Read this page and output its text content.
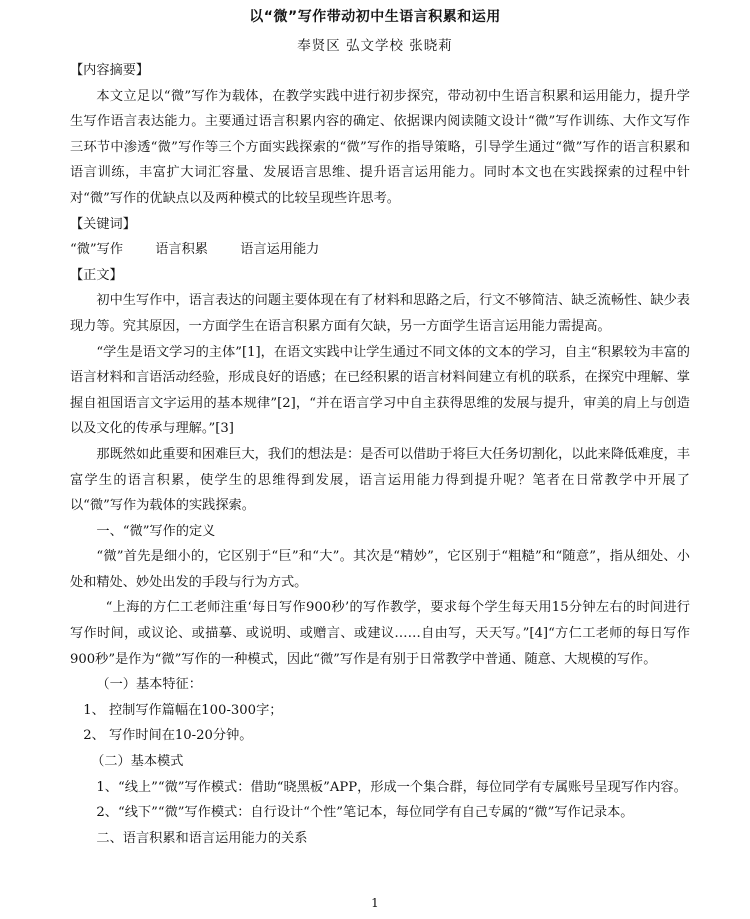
以“微”写作带动初中生语言积累和运用
奉贤区 弘文学校 张晓莉

【内容摘要】

本文立足以“微”写作为载体，在教学实践中进行初步探究，带动初中生语言积累和运用能力，提升学生写作语言表达能力。主要通过语言积累内容的确定、依据课内阅读随文设计“微”写作训练、大作文写作三环节中渗透“微”写作等三个方面实践探索的“微”写作的指导策略，引导学生通过“微”写作的语言积累和语言训练，丰富扩大词汇容量、发展语言思维、提升语言运用能力。同时本文也在实践探索的过程中针对“微”写作的优缺点以及两种模式的比较呈现些许思考。

【关键词】

“微”写作 语言积累 语言运用能力

【正文】

初中生写作中，语言表达的问题主要体现在有了材料和思路之后，行文不够简洁、缺乏流畅性、缺少表现力等。究其原因，一方面学生在语言积累方面有欠缺，另一方面学生语言运用能力需提高。

“学生是语文学习的主体”[1]，在语文实践中让学生通过不同文体的文本的学习，自主“积累较为丰富的语言材料和言语活动经验，形成良好的语感；在已经积累的语言材料间建立有机的联系，在探究中理解、掌握自祖国语言文字运用的基本规律”[2]，“并在语言学习中自主获得思维的发展与提升，审美的肩上与创造以及文化的传承与理解。”[3]

那既然如此重要和困难巨大，我们的想法是：是否可以借助于将巨大任务切割化，以此来降低难度，丰富学生的语言积累，使学生的思维得到发展，语言运用能力得到提升呢？笔者在日常教学中开展了以“微”写作为载体的实践探索。

一、“微”写作的定义

“微”首先是细小的，它区别于“巨”和“大”。其次是“精妙”，它区别于“粗糙”和“随意”，指从细处、小处和精处、妙处出发的手段与行为方式。

“上海的方仁工老师注重‘每日写作900秒’的写作教学，要求每个学生每天用15分钟左右的时间进行写作时间，或议论、或描摹、或说明、或赠言、或建议……自由写，天天写。”[4]“方仁工老师的每日写作900秒”是作为“微”写作的一种模式，因此“微”写作是有别于日常教学中普通、随意、大规模的写作。

（一）基本特征：

1、 控制写作篇幅在100-300字；

2、 写作时间在10-20分钟。

（二）基本模式

1、“线上”“微”写作模式：借助“晓黑板”APP，形成一个集合群，每位同学有专属账号呈现写作内容。

2、“线下”“微”写作模式：自行设计“个性”笔记本，每位同学有自己专属的“微”写作记录本。

二、语言积累和语言运用能力的关系

1
